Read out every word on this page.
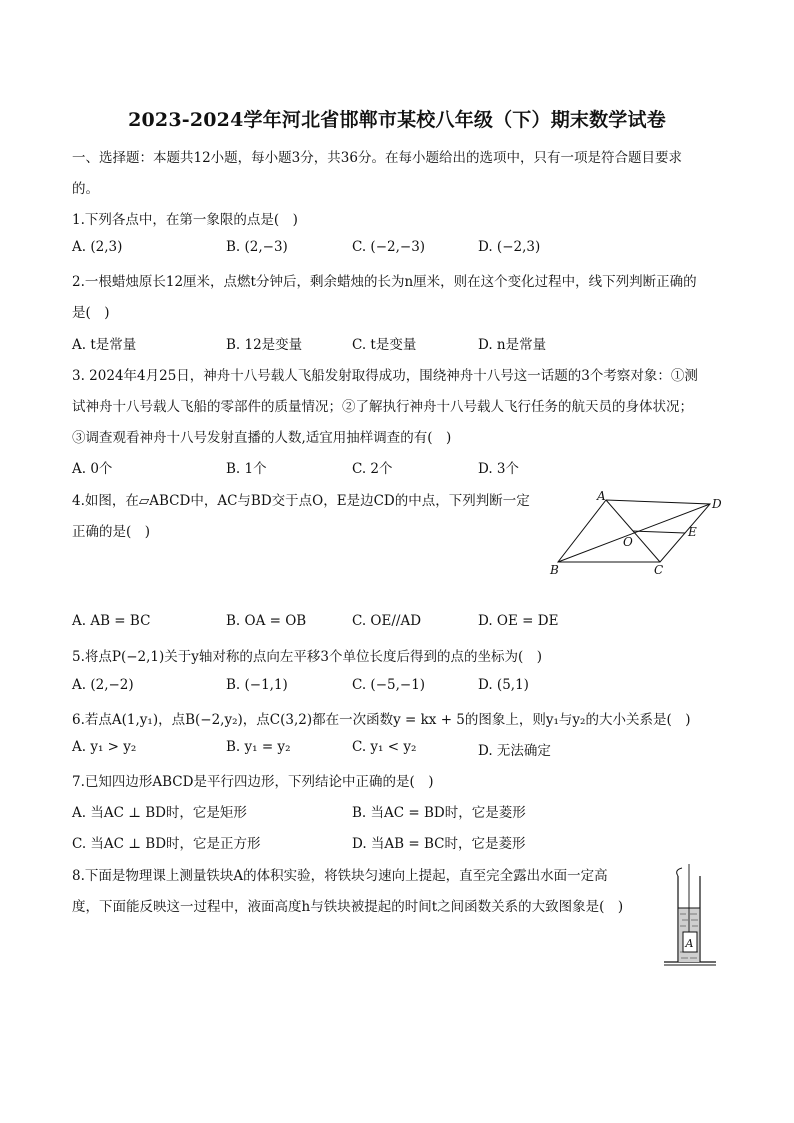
2023-2024学年河北省邯郸市某校八年级（下）期末数学试卷
一、选择题：本题共12小题，每小题3分，共36分。在每小题给出的选项中，只有一项是符合题目要求
的。
1.下列各点中，在第一象限的点是(　)
A. (2,3)	B. (2,−3)	C. (−2,−3)	D. (−2,3)
2.一根蜡烛原长12厘米，点燃t分钟后，剩余蜡烛的长为n厘米，则在这个变化过程中，线下列判断正确的
是(　)
A. t是常量	B. 12是变量	C. t是变量	D. n是常量
3. 2024年4月25日，神舟十八号载人飞船发射取得成功，围绕神舟十八号这一话题的3个考察对象：①测
试神舟十八号载人飞船的零部件的质量情况；②了解执行神舟十八号载人飞行任务的航天员的身体状况；
③调查观看神舟十八号发射直播的人数,适宜用抽样调查的有(　)
A. 0个	B. 1个	C. 2个	D. 3个
4.如图，在▱ABCD中，AC与BD交于点O，E是边CD的中点，下列判断一定
正确的是(　)
A
D
O
E
B	C
A. AB = BC	B. OA = OB	C. OE//AD	D. OE = DE
5.将点P(−2,1)关于y轴对称的点向左平移3个单位长度后得到的点的坐标为(　)
A. (2,−2)	B. (−1,1)	C. (−5,−1)	D. (5,1)
6.若点A(1,y₁)，点B(−2,y₂)，点C(3,2)都在一次函数y = kx + 5的图象上，则y₁与y₂的大小关系是(　)
A. y₁ > y₂	B. y₁ = y₂	C. y₁ < y₂	D. 无法确定
7.已知四边形ABCD是平行四边形，下列结论中正确的是(　)
A. 当AC ⊥ BD时，它是矩形	B. 当AC = BD时，它是菱形
C. 当AC ⊥ BD时，它是正方形	D. 当AB = BC时，它是菱形
8.下面是物理课上测量铁块A的体积实验，将铁块匀速向上提起，直至完全露出水面一定高
度，下面能反映这一过程中，液面高度h与铁块被提起的时间t之间函数关系的大致图象是(　)
A
